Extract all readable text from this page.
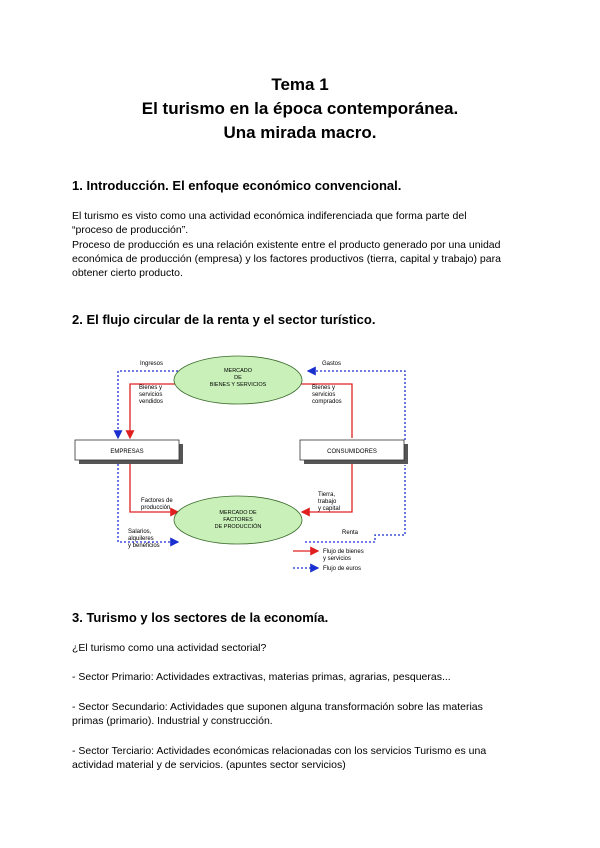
Tema 1
El turismo en la época contemporánea.
Una mirada macro.
1. Introducción. El enfoque económico convencional.
El turismo es visto como una actividad económica indiferenciada que forma parte del
“proceso de producción”.
Proceso de producción es una relación existente entre el producto generado por una unidad
económica de producción (empresa) y los factores productivos (tierra, capital y trabajo) para
obtener cierto producto.
2. El flujo circular de la renta y el sector turístico.
MERCADO
DE
BIENES Y SERVICIOS
MERCADO DE
FACTORES
DE PRODUCCIÓN
EMPRESAS	CONSUMIDORES
Ingresos	Gastos
Bienes y
servicios
vendidos
Bienes y
servicios
comprados
Factores de
producción
Tierra,
trabajo
y capital
Salarios,
alquileres
y beneficios
Renta
Flujo de bienes
y servicios
Flujo de euros
3. Turismo y los sectores de la economía.
¿El turismo como una actividad sectorial?
- Sector Primario: Actividades extractivas, materias primas, agrarias, pesqueras...
- Sector Secundario: Actividades que suponen alguna transformación sobre las materias
primas (primario). Industrial y construcción.
- Sector Terciario: Actividades económicas relacionadas con los servicios Turismo es una
actividad material y de servicios. (apuntes sector servicios)
